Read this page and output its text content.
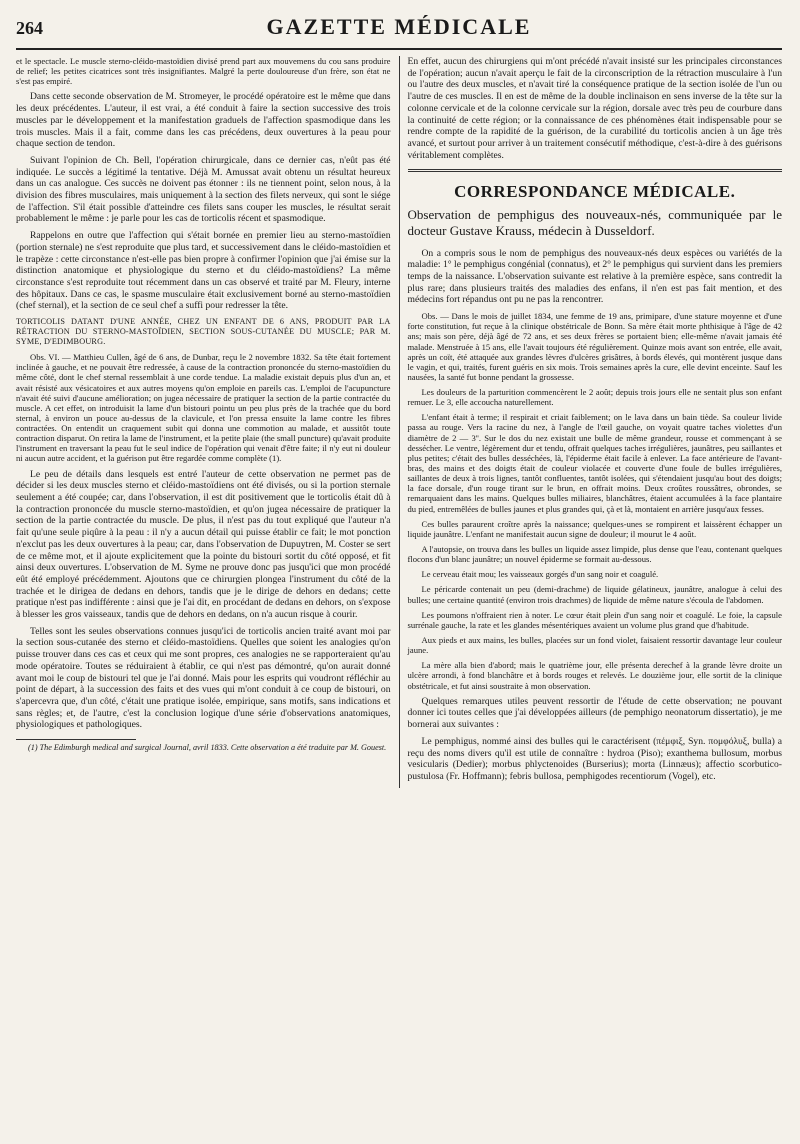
264	GAZETTE MÉDICALE

et le spectacle. Le muscle sterno-cléido-mastoïdien divisé prend part aux mouvemens du cou sans produire de relief; les petites cicatrices sont très insignifiantes. Malgré la perte douloureuse d'un frère, son état ne s'est pas empiré.

Dans cette seconde observation de M. Stromeyer, le procédé opératoire est le même que dans les deux précédentes. L'auteur, il est vrai, a été conduit à faire la section successive des trois muscles par le développement et la manifestation graduels de l'affection spasmodique dans les trois muscles. Mais il a fait, comme dans les cas précédens, deux ouvertures à la peau pour chaque section de tendon.

Suivant l'opinion de Ch. Bell, l'opération chirurgicale, dans ce dernier cas, n'eût pas été indiquée. Le succès a légitimé la tentative. Déjà M. Amussat avait obtenu un résultat heureux dans un cas analogue. Ces succès ne doivent pas étonner : ils ne tiennent point, selon nous, à la division des fibres musculaires, mais uniquement à la section des filets nerveux, qui sont le siége de l'affection. S'il était possible d'atteindre ces filets sans couper les muscles, le résultat serait probablement le même : je parle pour les cas de torticolis récent et spasmodique.

Rappelons en outre que l'affection qui s'était bornée en premier lieu au sterno-mastoïdien (portion sternale) ne s'est reproduite que plus tard, et successivement dans le cléido-mastoïdien et le trapèze : cette circonstance n'est-elle pas bien propre à confirmer l'opinion que j'ai émise sur la distinction anatomique et physiologique du sterno et du cléido-mastoïdiens? La même circonstance s'est reproduite tout récemment dans un cas observé et traité par M. Fleury, interne des hôpitaux. Dans ce cas, le spasme musculaire était exclusivement borné au sterno-mastoïdien (chef sternal), et la section de ce seul chef a suffi pour redresser la tête.

TORTICOLIS DATANT D'UNE ANNÉE, CHEZ UN ENFANT DE 6 ANS, PRODUIT PAR LA RÉTRACTION DU STERNO-MASTOÏDIEN, SECTION SOUS-CUTANÉE DU MUSCLE; PAR M. SYME, D'EDIMBOURG.

Obs. VI. — Matthieu Cullen, âgé de 6 ans, de Dunbar, reçu le 2 novembre 1832. Sa tête était fortement inclinée à gauche, et ne pouvait être redressée, à cause de la contraction prononcée du sterno-mastoïdien du même côté, dont le chef sternal ressemblait à une corde tendue. La maladie existait depuis plus d'un an, et avait résisté aux vésicatoires et aux autres moyens qu'on emploie en pareils cas. L'emploi de l'acupuncture n'avait été suivi d'aucune amélioration; on jugea nécessaire de pratiquer la section de la partie contractée du muscle. A cet effet, on introduisit la lame d'un bistouri pointu un peu plus près de la trachée que du bord sternal, à environ un pouce au-dessus de la clavicule, et l'on pressa ensuite la lame contre les fibres contractées. On entendit un craquement subit qui donna une commotion au malade, et aussitôt toute contraction disparut. On retira la lame de l'instrument, et la petite plaie (the small puncture) qu'avait produite l'instrument en traversant la peau fut le seul indice de l'opération qui venait d'être faite; il n'y eut ni douleur ni aucun autre accident, et la guérison put être regardée comme complète (1).

Le peu de détails dans lesquels est entré l'auteur de cette observation ne permet pas de décider si les deux muscles sterno et cléido-mastoïdiens ont été divisés, ou si la portion sternale seulement a été coupée; car, dans l'observation, il est dit positivement que le torticolis était dû à la contraction prononcée du muscle sterno-mastoïdien, et qu'on jugea nécessaire de pratiquer la section de la partie contractée du muscle. De plus, il n'est pas du tout expliqué que l'auteur n'a fait qu'une seule piqûre à la peau : il n'y a aucun détail qui puisse établir ce fait; le mot ponction n'exclut pas les deux ouvertures à la peau; car, dans l'observation de Dupuytren, M. Coster se sert de ce même mot, et il ajoute explicitement que la pointe du bistouri sortit du côté opposé, et fit ainsi deux ouvertures. L'observation de M. Syme ne prouve donc pas jusqu'ici que mon procédé eût été employé précédemment. Ajoutons que ce chirurgien plongea l'instrument du côté de la trachée et le dirigea de dedans en dehors, tandis que je le dirige de dehors en dedans; cette pratique n'est pas indifférente : ainsi que je l'ai dit, en procédant de dedans en dehors, on s'expose à blesser les gros vaisseaux, tandis que de dehors en dedans, on n'a aucun risque à courir.

Telles sont les seules observations connues jusqu'ici de torticolis ancien traité avant moi par la section sous-cutanée des sterno et cléido-mastoïdiens. Quelles que soient les analogies qu'on puisse trouver dans ces cas et ceux qui me sont propres, ces analogies ne se rapporteraient qu'au mode opératoire. Toutes se réduiraient à établir, ce qui n'est pas démontré, qu'on aurait donné avant moi le coup de bistouri tel que je l'ai donné. Mais pour les esprits qui voudront réfléchir au point de départ, à la succession des faits et des vues qui m'ont conduit à ce coup de bistouri, on s'apercevra que, d'un côté, c'était une pratique isolée, empirique, sans motifs, sans indications et sans règles; et, de l'autre, c'est la conclusion logique d'une série d'observations anatomiques, physiologiques et pathologiques.

(1) The Edimburgh medical and surgical Journal, avril 1833. Cette observation a été traduite par M. Gouest.

En effet, aucun des chirurgiens qui m'ont précédé n'avait insisté sur les principales circonstances de l'opération; aucun n'avait aperçu le fait de la circonscription de la rétraction musculaire à l'un ou l'autre des deux muscles, et n'avait tiré la conséquence pratique de la section isolée de l'un ou l'autre de ces muscles. Il en est de même de la double inclinaison en sens inverse de la tête sur la colonne cervicale et de la colonne cervicale sur la région, dorsale avec très peu de courbure dans la continuité de cette région; or la connaissance de ces phénomènes était indispensable pour se rendre compte de la rapidité de la guérison, de la curabilité du torticolis ancien à un âge très avancé, et surtout pour arriver à un traitement consécutif méthodique, c'est-à-dire à des guérisons véritablement complètes.

CORRESPONDANCE MÉDICALE.

Observation de pemphigus des nouveaux-nés, communiquée par le docteur Gustave Krauss, médecin à Dusseldorf.

On a compris sous le nom de pemphigus des nouveaux-nés deux espèces ou variétés de la maladie: 1° le pemphigus congénial (connatus), et 2° le pemphigus qui survient dans les premiers temps de la naissance. L'observation suivante est relative à la première espèce, sans contredit la plus rare; dans plusieurs traités des maladies des enfans, il n'en est pas fait mention, et des médecins fort répandus ont pu ne pas la rencontrer.

Obs. — Dans le mois de juillet 1834, une femme de 19 ans, primipare, d'une stature moyenne et d'une forte constitution, fut reçue à la clinique obstétricale de Bonn. Sa mère était morte phthisique à l'âge de 42 ans; mais son père, déjà âgé de 72 ans, et ses deux frères se portaient bien; elle-même n'avait jamais été malade. Menstruée à 15 ans, elle l'avait toujours été régulièrement. Quinze mois avant son entrée, elle avait, après un coït, été attaquée aux grandes lèvres d'ulcères grisâtres, à bords élevés, qui montèrent jusque dans le vagin, et qui, traités, furent guéris en six mois. Trois semaines après la cure, elle devint enceinte. Sauf les nausées, la santé fut bonne pendant la grossesse.

Les douleurs de la parturition commencèrent le 2 août; depuis trois jours elle ne sentait plus son enfant remuer. Le 3, elle accoucha naturellement.

L'enfant était à terme; il respirait et criait faiblement; on le lava dans un bain tiède. Sa couleur livide passa au rouge. Vers la racine du nez, à l'angle de l'œil gauche, on voyait quatre taches violettes d'un diamètre de 2 — 3''. Sur le dos du nez existait une bulle de même grandeur, rousse et commençant à se dessécher. Le ventre, légèrement dur et tendu, offrait quelques taches irrégulières, jaunâtres, peu saillantes et plus petites; c'était des bulles desséchées, là, l'épiderme était facile à enlever. La face antérieure de l'avant-bras, des mains et des doigts était de couleur violacée et couverte d'une foule de bulles irrégulières, saillantes de deux à trois lignes, tantôt confluentes, tantôt isolées, qui s'étendaient jusqu'au bout des doigts; la face dorsale, d'un rouge tirant sur le brun, en offrait moins. Deux croûtes roussâtres, obrondes, se remarquaient dans les mains. Quelques bulles miliaires, blanchâtres, étaient accumulées à la face plantaire du pied, entremêlées de bulles jaunes et plus grandes qui, çà et là, montaient en arrière jusqu'aux fesses.

Ces bulles paraurent croître après la naissance; quelques-unes se rompirent et laissèrent échapper un liquide jaunâtre. L'enfant ne manifestait aucun signe de douleur; il mourut le 4 août.

A l'autopsie, on trouva dans les bulles un liquide assez limpide, plus dense que l'eau, contenant quelques flocons d'un blanc jaunâtre; un nouvel épiderme se formait au-dessous.

Le cerveau était mou; les vaisseaux gorgés d'un sang noir et coagulé.

Le péricarde contenait un peu (demi-drachme) de liquide gélatineux, jaunâtre, analogue à celui des bulles; une certaine quantité (environ trois drachmes) de liquide de même nature s'écoula de l'abdomen.

Les poumons n'offraient rien à noter. Le cœur était plein d'un sang noir et coagulé. Le foie, la capsule surrénale gauche, la rate et les glandes mésentériques avaient un volume plus grand que d'habitude.

Aux pieds et aux mains, les bulles, placées sur un fond violet, faisaient ressortir davantage leur couleur jaune.

La mère alla bien d'abord; mais le quatrième jour, elle présenta derechef à la grande lèvre droite un ulcère arrondi, à fond blanchâtre et à bords rouges et relevés. Le douzième jour, elle sortit de la clinique obstétricale, et fut ainsi soustraite à mon observation.

Quelques remarques utiles peuvent ressortir de l'étude de cette observation; ne pouvant donner ici toutes celles que j'ai développées ailleurs (de pemphigo neonatorum dissertatio), je me bornerai aux suivantes :

Le pemphigus, nommé ainsi des bulles qui le caractérisent (πέμφιξ, Syn. πομφόλυξ, bulla) a reçu des noms divers qu'il est utile de connaître : hydroa (Piso); exanthema bullosum, morbus vesicularis (Dedier); morbus phlyctenoides (Burserius); morta (Linnæus); affectio scorbutico-pustulosa (Fr. Hoffmann); febris bullosa, pemphigodes recentiorum (Vogel), etc.
